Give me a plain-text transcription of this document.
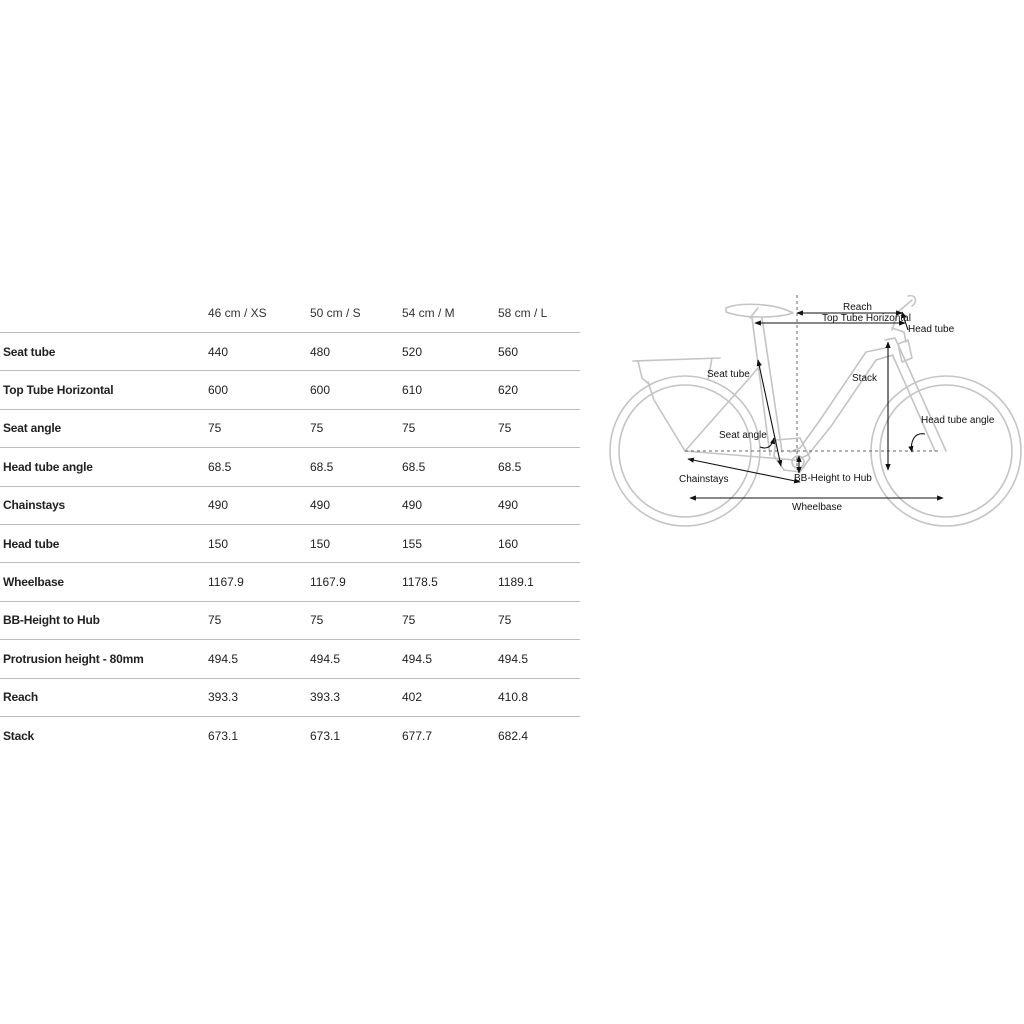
	46 cm / XS	50 cm / S	54 cm / M	58 cm / L
Seat tube	440	480	520	560
Top Tube Horizontal	600	600	610	620
Seat angle	75	75	75	75
Head tube angle	68.5	68.5	68.5	68.5
Chainstays	490	490	490	490
Head tube	150	150	155	160
Wheelbase	1167.9	1167.9	1178.5	1189.1
BB-Height to Hub	75	75	75	75
Protrusion height - 80mm	494.5	494.5	494.5	494.5
Reach	393.3	393.3	402	410.8
Stack	673.1	673.1	677.7	682.4
Reach
Top Tube Horizontal
Head tube
Seat tube	Stack
Head tube angle
Seat angle
Chainstays	BB-Height to Hub
Wheelbase
